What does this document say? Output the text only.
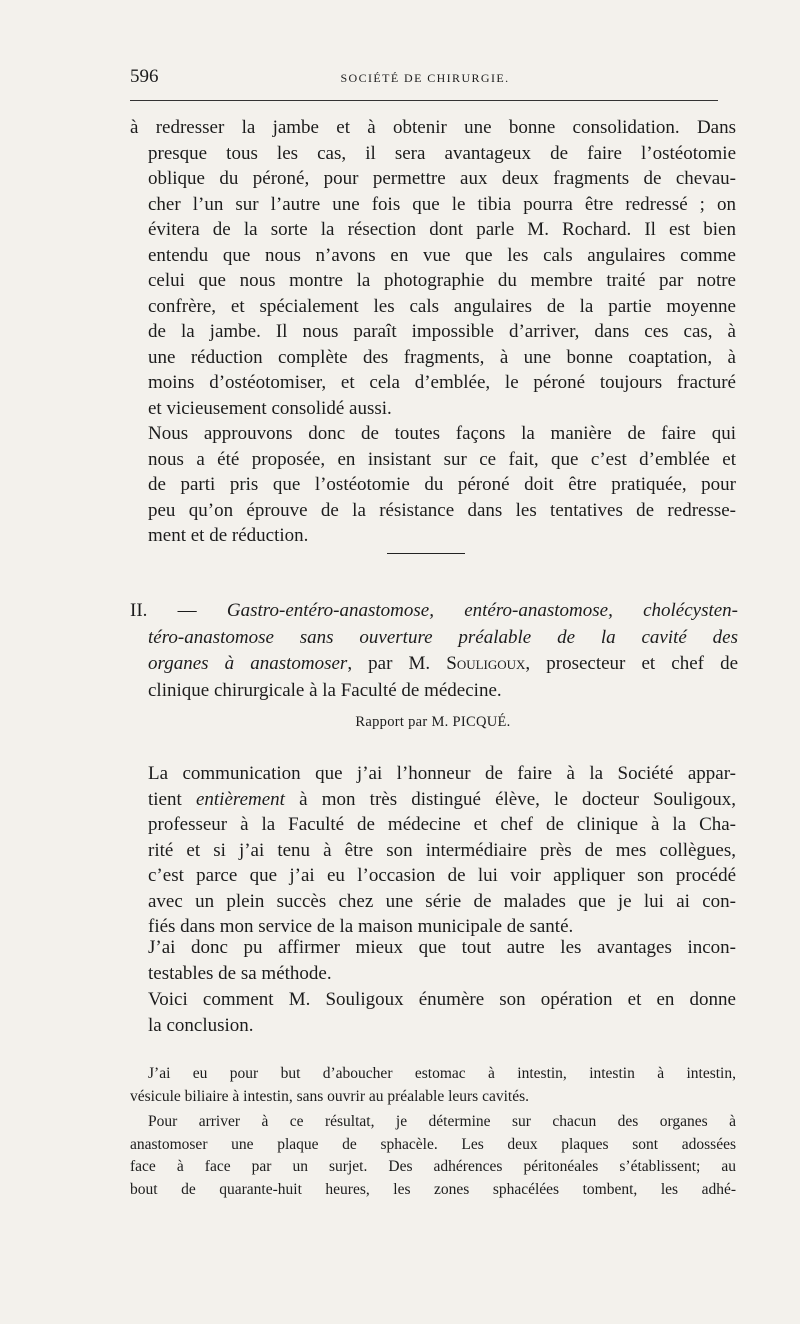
596	SOCIÉTÉ DE CHIRURGIE.
à redresser la jambe et à obtenir une bonne consolidation. Dans
presque tous les cas, il sera avantageux de faire l’ostéotomie
oblique du péroné, pour permettre aux deux fragments de chevau-
cher l’un sur l’autre une fois que le tibia pourra être redressé ; on
évitera de la sorte la résection dont parle M. Rochard. Il est bien
entendu que nous n’avons en vue que les cals angulaires comme
celui que nous montre la photographie du membre traité par notre
confrère, et spécialement les cals angulaires de la partie moyenne
de la jambe. Il nous paraît impossible d’arriver, dans ces cas, à
une réduction complète des fragments, à une bonne coaptation, à
moins d’ostéotomiser, et cela d’emblée, le péroné toujours fracturé
et vicieusement consolidé aussi.
Nous approuvons donc de toutes façons la manière de faire qui
nous a été proposée, en insistant sur ce fait, que c’est d’emblée et
de parti pris que l’ostéotomie du péroné doit être pratiquée, pour
peu qu’on éprouve de la résistance dans les tentatives de redresse-
ment et de réduction.
II. — Gastro-entéro-anastomose, entéro-anastomose, cholécysten-
téro-anastomose sans ouverture préalable de la cavité des
organes à anastomoser, par M. Souligoux, prosecteur et chef de
clinique chirurgicale à la Faculté de médecine.
Rapport par M. PICQUÉ.
La communication que j’ai l’honneur de faire à la Société appar-
tient entièrement à mon très distingué élève, le docteur Souligoux,
professeur à la Faculté de médecine et chef de clinique à la Cha-
rité et si j’ai tenu à être son intermédiaire près de mes collègues,
c’est parce que j’ai eu l’occasion de lui voir appliquer son procédé
avec un plein succès chez une série de malades que je lui ai con-
fiés dans mon service de la maison municipale de santé.
J’ai donc pu affirmer mieux que tout autre les avantages incon-
testables de sa méthode.
Voici comment M. Souligoux énumère son opération et en donne
la conclusion.
J’ai eu pour but d’aboucher estomac à intestin, intestin à intestin,
vésicule biliaire à intestin, sans ouvrir au préalable leurs cavités.
Pour arriver à ce résultat, je détermine sur chacun des organes à
anastomoser une plaque de sphacèle. Les deux plaques sont adossées
face à face par un surjet. Des adhérences péritonéales s’établissent; au
bout de quarante-huit heures, les zones sphacélées tombent, les adhé-
